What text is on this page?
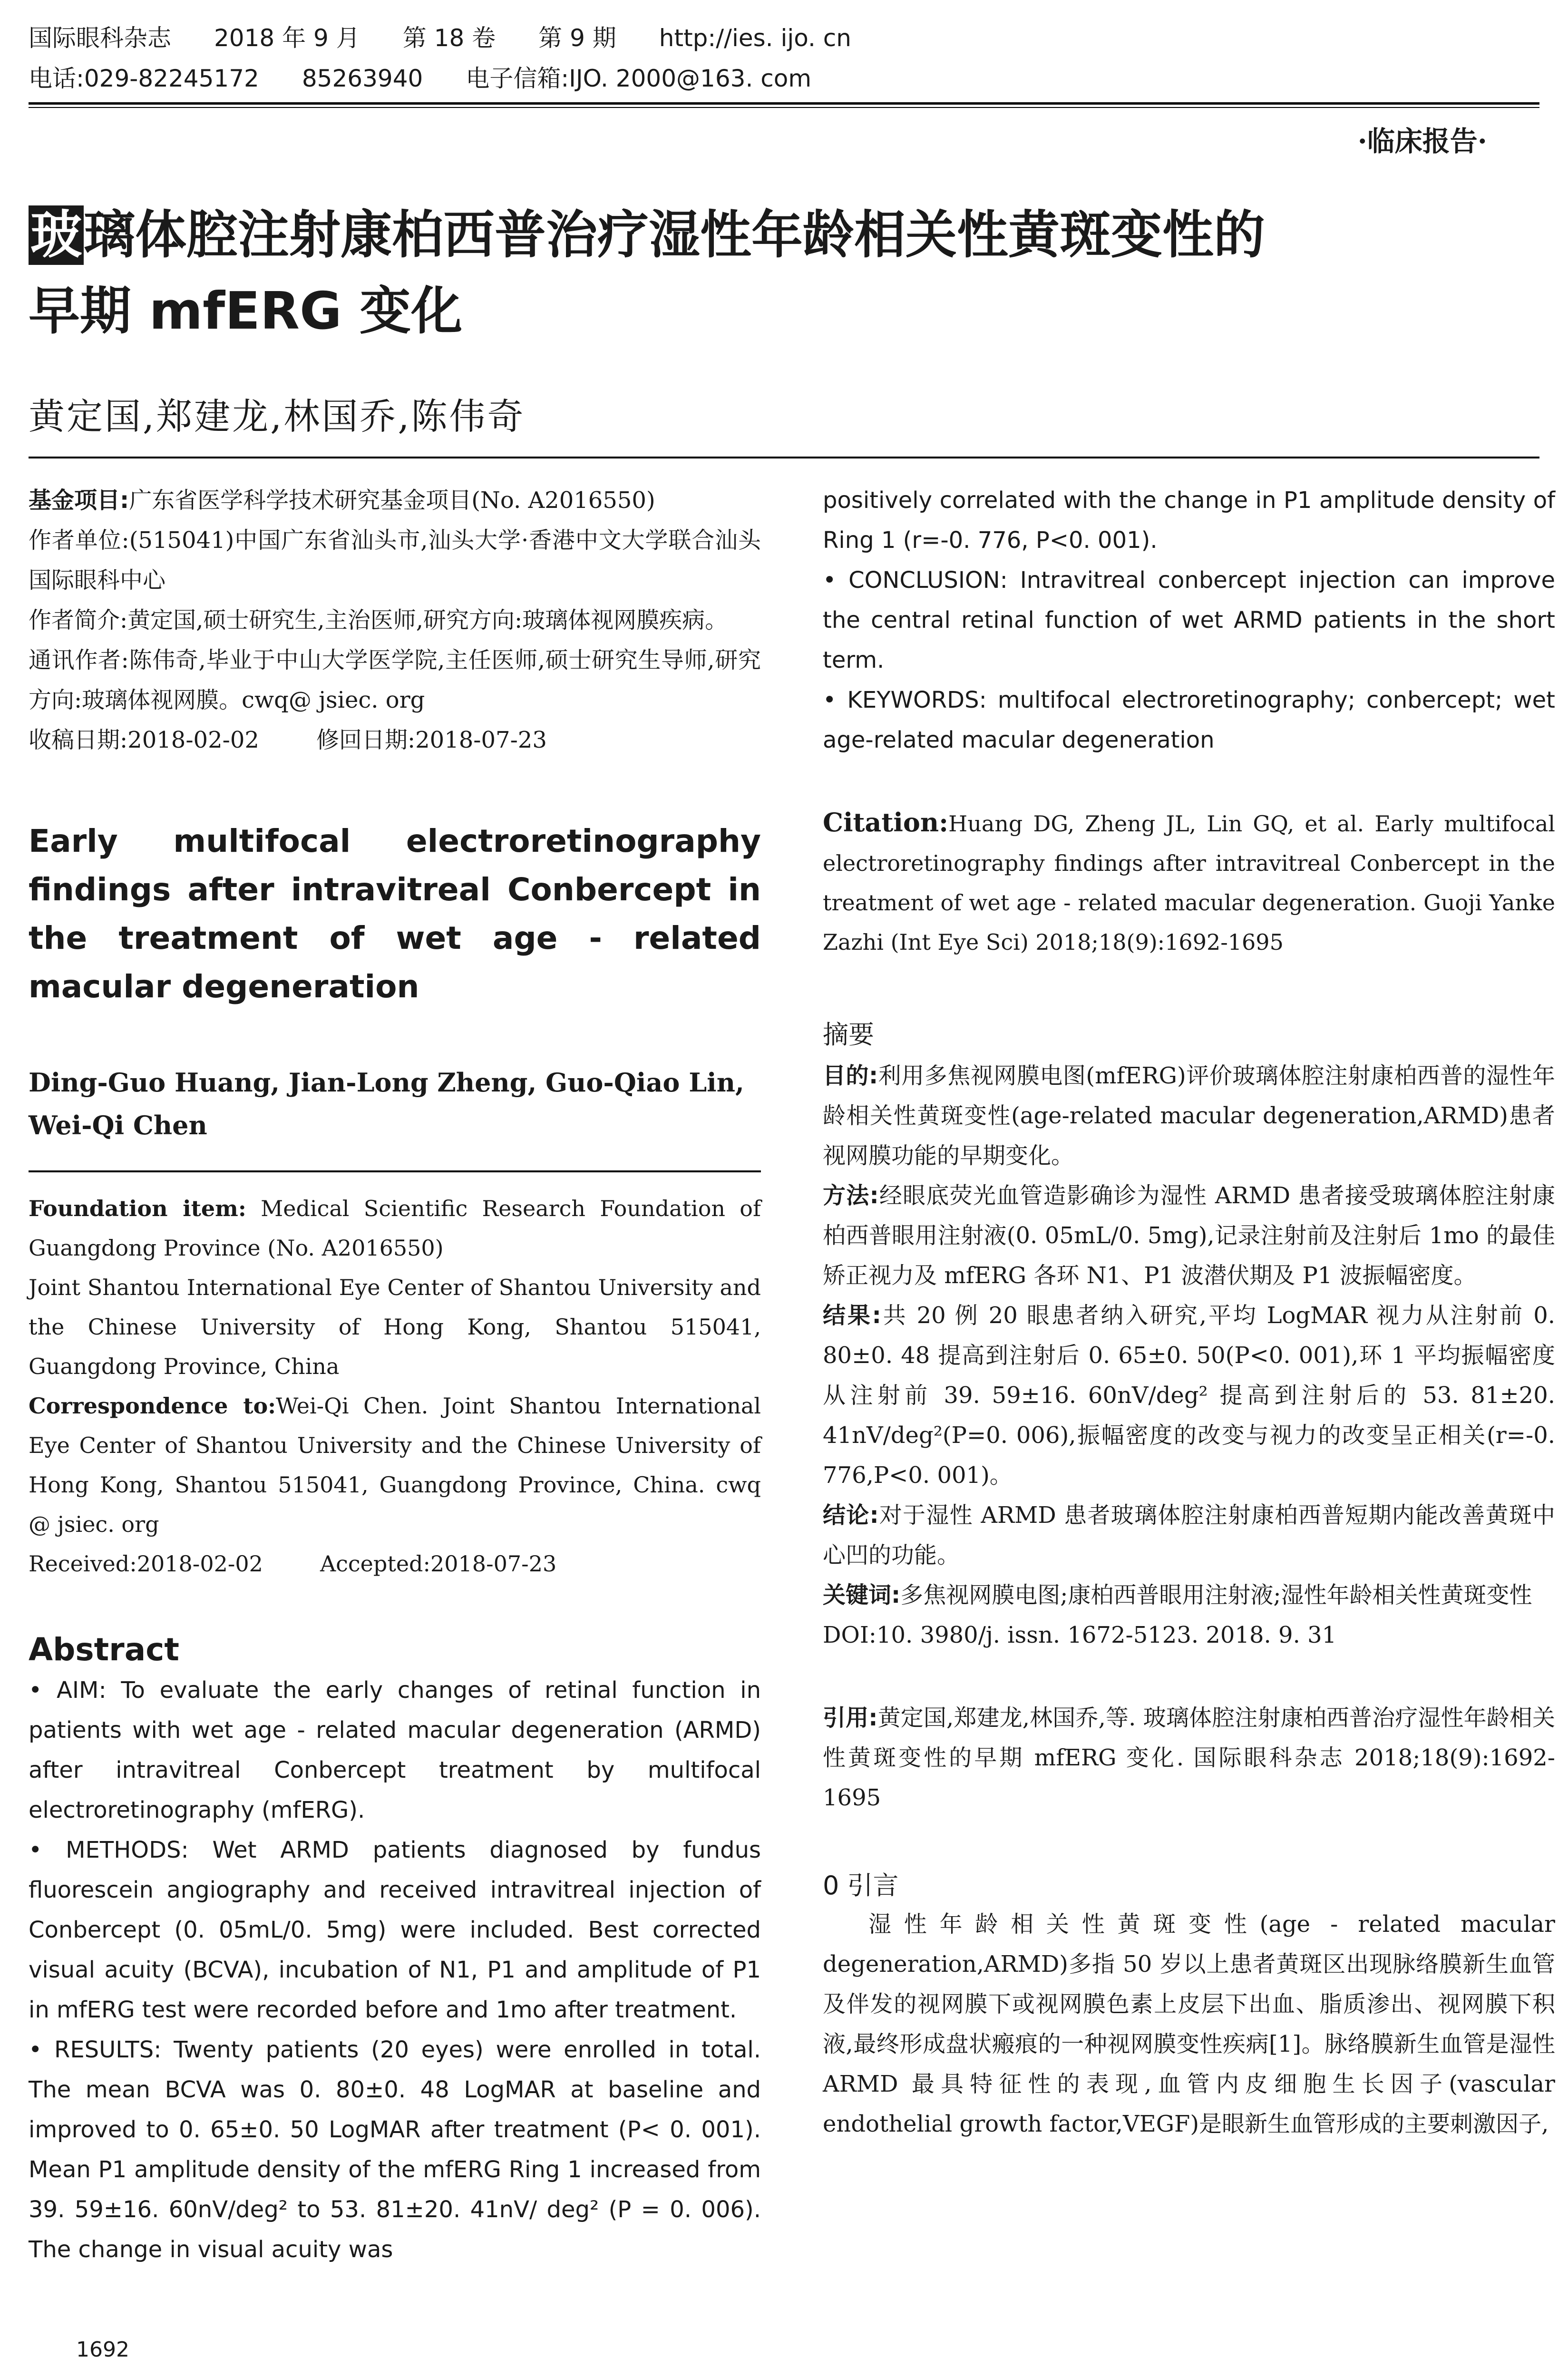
国际眼科杂志 2018 年 9 月 第 18 卷 第 9 期 http://ies. ijo. cn
电话:029-82245172 85263940 电子信箱:IJO. 2000@163. com
·临床报告·
玻璃体腔注射康柏西普治疗湿性年龄相关性黄斑变性的
早期 mfERG 变化
黄定国,郑建龙,林国乔,陈伟奇

基金项目:广东省医学科学技术研究基金项目(No. A2016550)

作者单位:(515041)中国广东省汕头市,汕头大学·香港中文大学联合汕头国际眼科中心

作者简介:黄定国,硕士研究生,主治医师,研究方向:玻璃体视网膜疾病。

通讯作者:陈伟奇,毕业于中山大学医学院,主任医师,硕士研究生导师,研究方向:玻璃体视网膜。cwq@ jsiec. org

收稿日期:2018-02-02	修回日期:2018-07-23

Early multifocal electroretinography findings after intravitreal Conbercept in the treatment of wet age - related macular degeneration
Ding-Guo Huang, Jian-Long Zheng, Guo-Qiao Lin, Wei-Qi Chen

Foundation item: Medical Scientific Research Foundation of Guangdong Province (No. A2016550)

Joint Shantou International Eye Center of Shantou University and the Chinese University of Hong Kong, Shantou 515041, Guangdong Province, China

Correspondence to:Wei-Qi Chen. Joint Shantou International Eye Center of Shantou University and the Chinese University of Hong Kong, Shantou 515041, Guangdong Province, China. cwq @ jsiec. org

Received:2018-02-02	Accepted:2018-07-23

Abstract

• AIM: To evaluate the early changes of retinal function in patients with wet age - related macular degeneration (ARMD) after intravitreal Conbercept treatment by multifocal electroretinography (mfERG).

• METHODS: Wet ARMD patients diagnosed by fundus fluorescein angiography and received intravitreal injection of Conbercept (0. 05mL/0. 5mg) were included. Best corrected visual acuity (BCVA), incubation of N1, P1 and amplitude of P1 in mfERG test were recorded before and 1mo after treatment.

• RESULTS: Twenty patients (20 eyes) were enrolled in total. The mean BCVA was 0. 80±0. 48 LogMAR at baseline and improved to 0. 65±0. 50 LogMAR after treatment (P< 0. 001). Mean P1 amplitude density of the mfERG Ring 1 increased from 39. 59±16. 60nV/deg² to 53. 81±20. 41nV/ deg² (P = 0. 006). The change in visual acuity was

1692

positively correlated with the change in P1 amplitude density of Ring 1 (r=-0. 776, P<0. 001).

• CONCLUSION: Intravitreal conbercept injection can improve the central retinal function of wet ARMD patients in the short term.

• KEYWORDS: multifocal electroretinography; conbercept; wet age-related macular degeneration

Citation:Huang DG, Zheng JL, Lin GQ, et al. Early multifocal electroretinography findings after intravitreal Conbercept in the treatment of wet age - related macular degeneration. Guoji Yanke Zazhi (Int Eye Sci) 2018;18(9):1692-1695
摘要

目的:利用多焦视网膜电图(mfERG)评价玻璃体腔注射康柏西普的湿性年龄相关性黄斑变性(age-related macular degeneration,ARMD)患者视网膜功能的早期变化。

方法:经眼底荧光血管造影确诊为湿性 ARMD 患者接受玻璃体腔注射康柏西普眼用注射液(0. 05mL/0. 5mg),记录注射前及注射后 1mo 的最佳矫正视力及 mfERG 各环 N1、P1 波潜伏期及 P1 波振幅密度。

结果:共 20 例 20 眼患者纳入研究,平均 LogMAR 视力从注射前 0. 80±0. 48 提高到注射后 0. 65±0. 50(P<0. 001),环 1 平均振幅密度从注射前 39. 59±16. 60nV/deg² 提高到注射后的 53. 81±20. 41nV/deg²(P=0. 006),振幅密度的改变与视力的改变呈正相关(r=-0. 776,P<0. 001)。

结论:对于湿性 ARMD 患者玻璃体腔注射康柏西普短期内能改善黄斑中心凹的功能。

关键词:多焦视网膜电图;康柏西普眼用注射液;湿性年龄相关性黄斑变性

DOI:10. 3980/j. issn. 1672-5123. 2018. 9. 31

引用:黄定国,郑建龙,林国乔,等. 玻璃体腔注射康柏西普治疗湿性年龄相关性黄斑变性的早期 mfERG 变化. 国际眼科杂志 2018;18(9):1692-1695
0 引言
湿性年龄相关性黄斑变性(age - related macular degeneration,ARMD)多指 50 岁以上患者黄斑区出现脉络膜新生血管及伴发的视网膜下或视网膜色素上皮层下出血、脂质渗出、视网膜下积液,最终形成盘状瘢痕的一种视网膜变性疾病[1]。脉络膜新生血管是湿性 ARMD 最具特征性的表现,血管内皮细胞生长因子(vascular endothelial growth factor,VEGF)是眼新生血管形成的主要刺激因子,
